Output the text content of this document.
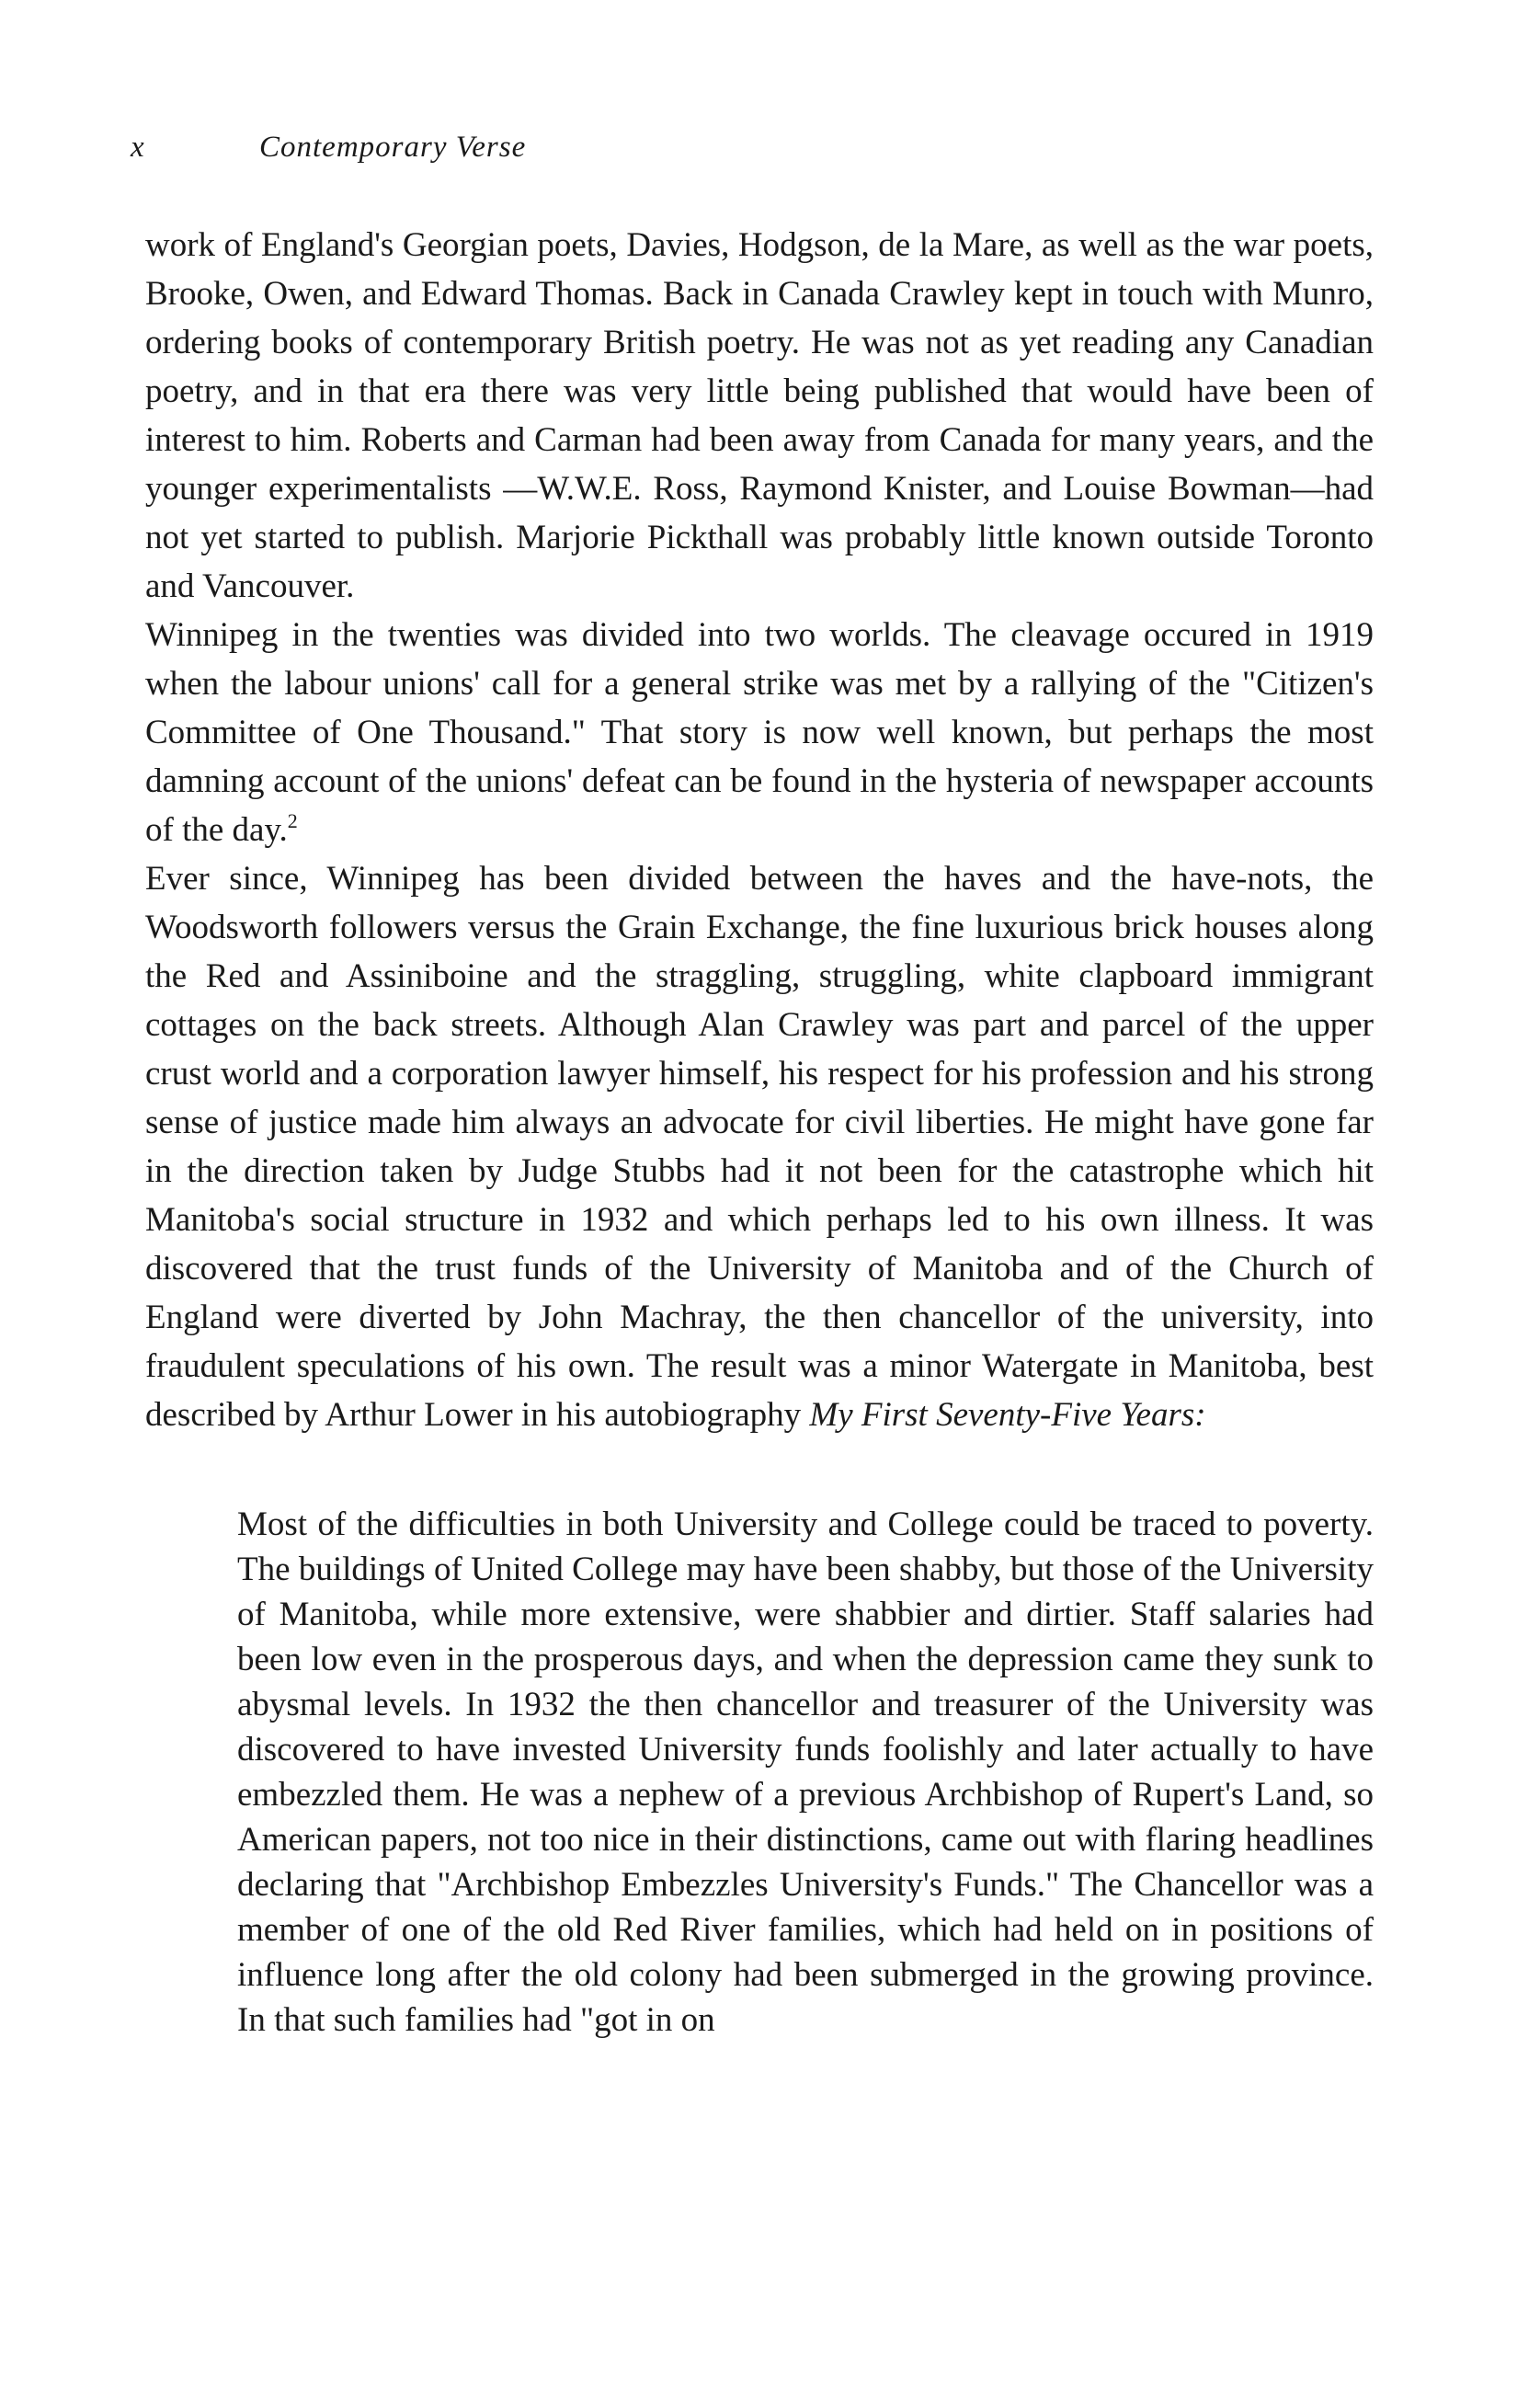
x	Contemporary Verse

work of England's Georgian poets, Davies, Hodgson, de la Mare, as well as the war poets, Brooke, Owen, and Edward Thomas. Back in Canada Crawley kept in touch with Munro, ordering books of contemporary British poetry. He was not as yet reading any Canadian poetry, and in that era there was very little being published that would have been of interest to him. Roberts and Carman had been away from Canada for many years, and the younger experimentalists —W.W.E. Ross, Raymond Knister, and Louise Bowman—had not yet started to publish. Marjorie Pickthall was probably little known outside Toronto and Vancouver.

Winnipeg in the twenties was divided into two worlds. The cleavage occured in 1919 when the labour unions' call for a general strike was met by a rallying of the "Citizen's Committee of One Thousand." That story is now well known, but perhaps the most damning account of the unions' defeat can be found in the hysteria of newspaper accounts of the day.$^2$

Ever since, Winnipeg has been divided between the haves and the have-nots, the Woodsworth followers versus the Grain Exchange, the fine luxurious brick houses along the Red and Assiniboine and the straggling, struggling, white clapboard immigrant cottages on the back streets. Although Alan Crawley was part and parcel of the upper crust world and a corporation lawyer himself, his respect for his profession and his strong sense of justice made him always an advocate for civil liberties. He might have gone far in the direction taken by Judge Stubbs had it not been for the catastrophe which hit Manitoba's social structure in 1932 and which perhaps led to his own illness. It was discovered that the trust funds of the University of Manitoba and of the Church of England were diverted by John Machray, the then chancellor of the university, into fraudulent speculations of his own. The result was a minor Watergate in Manitoba, best described by Arthur Lower in his autobiography My First Seventy-Five Years:

Most of the difficulties in both University and College could be traced to poverty. The buildings of United College may have been shabby, but those of the University of Manitoba, while more extensive, were shabbier and dirtier. Staff salaries had been low even in the prosperous days, and when the depression came they sunk to abysmal levels. In 1932 the then chancellor and treasurer of the University was discovered to have invested University funds foolishly and later actually to have embezzled them. He was a nephew of a previous Archbishop of Rupert's Land, so American papers, not too nice in their distinctions, came out with flaring headlines declaring that "Archbishop Embezzles University's Funds." The Chancellor was a member of one of the old Red River families, which had held on in positions of influence long after the old colony had been submerged in the growing province. In that such families had "got in on
